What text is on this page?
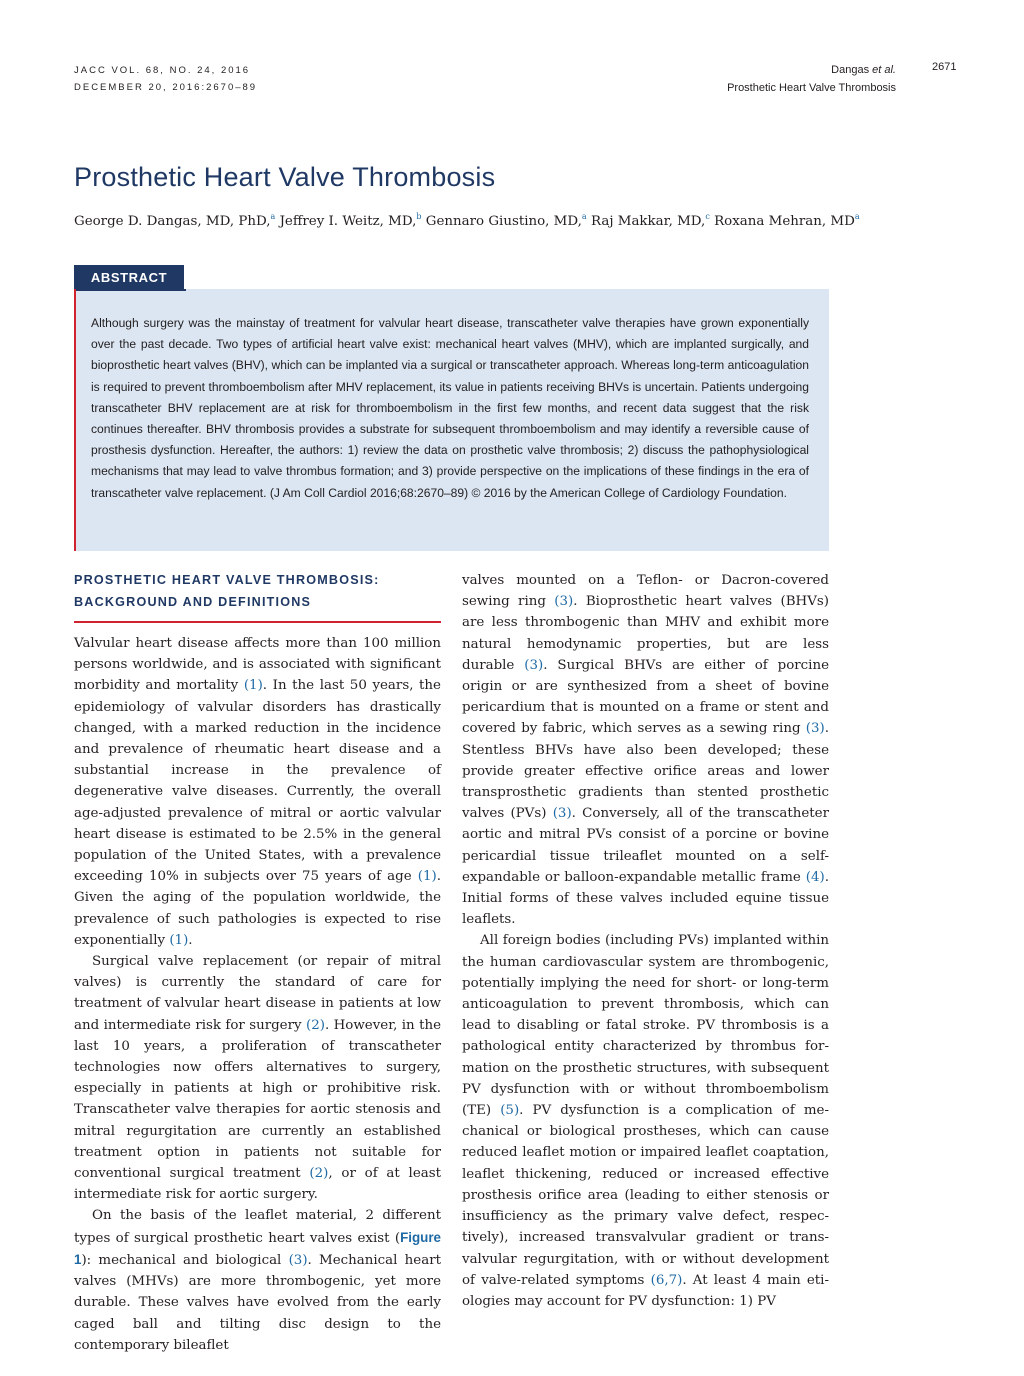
JACC VOL. 68, NO. 24, 2016
DECEMBER 20, 2016:2670–89
Dangas et al.
Prosthetic Heart Valve Thrombosis
2671
Prosthetic Heart Valve Thrombosis
George D. Dangas, MD, PhD,$^a$ Jeffrey I. Weitz, MD,$^b$ Gennaro Giustino, MD,$^a$ Raj Makkar, MD,$^c$ Roxana Mehran, $MD^a$
ABSTRACT
Although surgery was the mainstay of treatment for valvular heart disease, transcatheter valve therapies have grown exponentially over the past decade. Two types of artificial heart valve exist: mechanical heart valves (MHV), which are implanted surgically, and bioprosthetic heart valves (BHV), which can be implanted via a surgical or transcatheter approach. Whereas long-term anticoagulation is required to prevent thromboembolism after MHV replacement, its value in patients receiving BHVs is uncertain. Patients undergoing transcatheter BHV replacement are at risk for thromboembolism in the first few months, and recent data suggest that the risk continues thereafter. BHV thrombosis provides a substrate for subsequent thromboembolism and may identify a reversible cause of prosthesis dysfunction. Hereafter, the authors: 1) review the data on prosthetic valve thrombosis; 2) discuss the pathophysiological mechanisms that may lead to valve thrombus formation; and 3) provide perspective on the implications of these findings in the era of transcatheter valve replacement. (J Am Coll Cardiol 2016;68:2670–89) © 2016 by the American College of Cardiology Foundation.
PROSTHETIC HEART VALVE THROMBOSIS: BACKGROUND AND DEFINITIONS

Valvular heart disease affects more than 100 million persons worldwide, and is associated with significant morbidity and mortality (1). In the last 50 years, the epidemiology of valvular disorders has drastically changed, with a marked reduction in the incidence and prevalence of rheumatic heart disease and a substantial increase in the prevalence of degenerative valve diseases. Currently, the overall age-adjusted prevalence of mitral or aortic valvular heart disease is estimated to be 2.5% in the general population of the United States, with a prevalence exceeding 10% in subjects over 75 years of age (1). Given the aging of the population worldwide, the prevalence of such pathologies is expected to rise exponentially (1).

Surgical valve replacement (or repair of mitral valves) is currently the standard of care for treatment of valvular heart disease in patients at low and intermediate risk for surgery (2). However, in the last 10 years, a proliferation of transcatheter technologies now offers alternatives to surgery, especially in patients at high or prohibitive risk. Transcatheter valve therapies for aortic stenosis and mitral regurgitation are currently an established treatment option in patients not suitable for conventional surgical treatment (2), or of at least intermediate risk for aortic surgery.

On the basis of the leaflet material, 2 different types of surgical prosthetic heart valves exist (Figure 1): mechanical and biological (3). Mechanical heart valves (MHVs) are more thrombogenic, yet more durable. These valves have evolved from the early caged ball and tilting disc design to the contemporary bileaflet

valves mounted on a Teflon- or Dacron-covered sewing ring (3). Bioprosthetic heart valves (BHVs) are less thrombogenic than MHV and exhibit more natural hemodynamic properties, but are less durable (3). Surgical BHVs are either of porcine origin or are synthesized from a sheet of bovine pericardium that is mounted on a frame or stent and covered by fabric, which serves as a sewing ring (3). Stentless BHVs have also been developed; these provide greater effective orifice areas and lower transprosthetic gradients than stented prosthetic valves (PVs) (3). Conversely, all of the transcatheter aortic and mitral PVs consist of a porcine or bovine pericardial tissue trileaflet mounted on a self-expandable or balloon-expandable metallic frame (4). Initial forms of these valves included equine tissue leaflets.

All foreign bodies (including PVs) implanted within the human cardiovascular system are thrombogenic, potentially implying the need for short- or long-term anticoagulation to prevent thrombosis, which can lead to disabling or fatal stroke. PV thrombosis is a pathological entity characterized by thrombus formation on the prosthetic structures, with subsequent PV dysfunction with or without thromboembolism (TE) (5). PV dysfunction is a complication of mechanical or biological prostheses, which can cause reduced leaflet motion or impaired leaflet coaptation, leaflet thickening, reduced or increased effective prosthesis orifice area (leading to either stenosis or insufficiency as the primary valve defect, respectively), increased transvalvular gradient or transvalvular regurgitation, with or without development of valve-related symptoms (6,7). At least 4 main etiologies may account for PV dysfunction: 1) PV
